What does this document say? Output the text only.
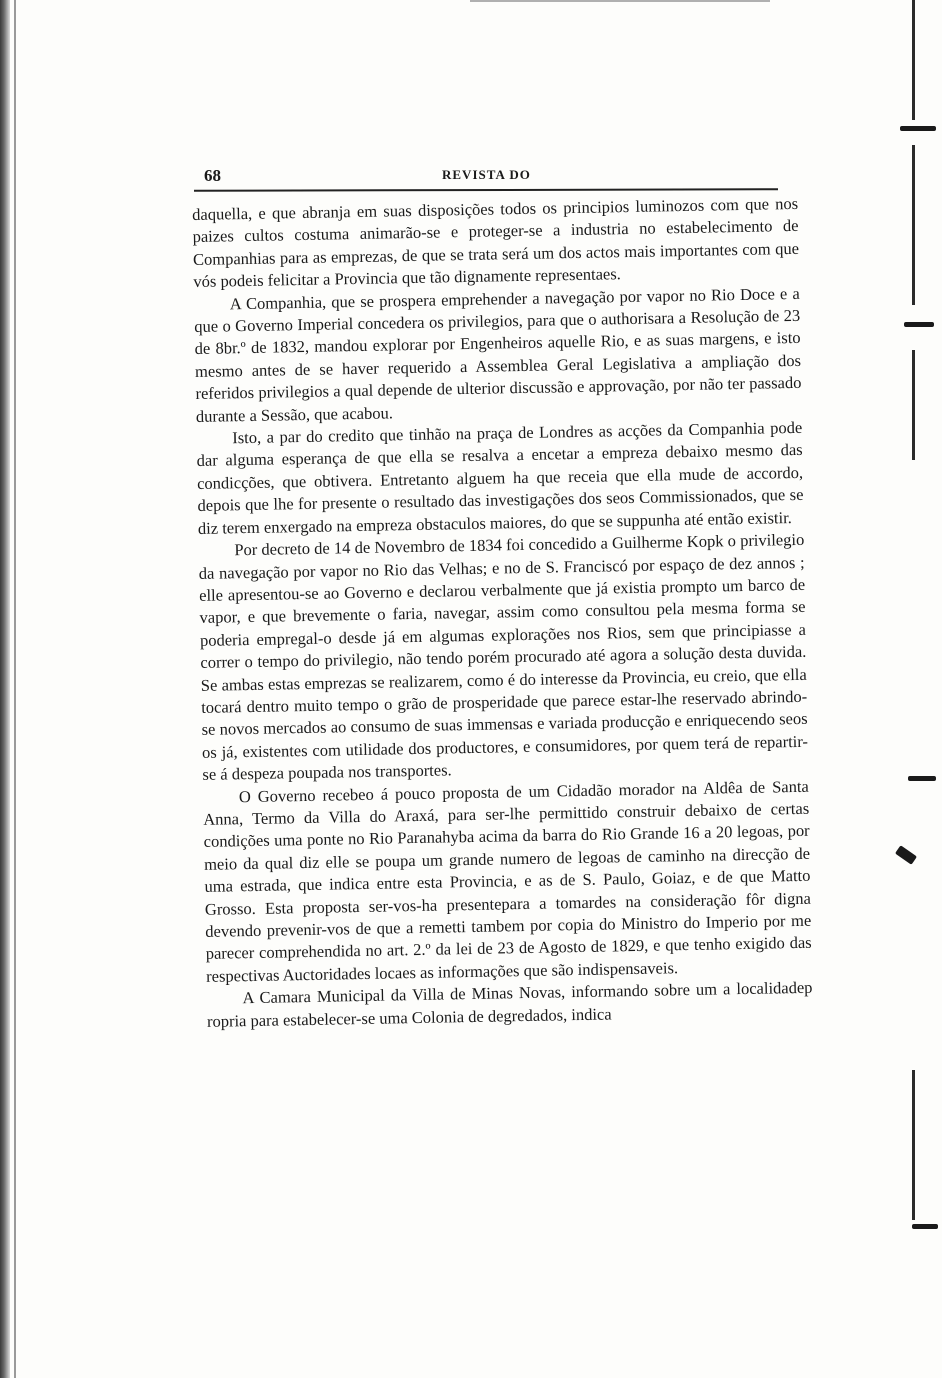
68	REVISTA DO

daquella, e que abranja em suas disposições todos os principios luminozos com que nos paizes cultos costuma animarão-se e proteger-se a industria no estabelecimento de Companhias para as emprezas, de que se trata será um dos actos mais importantes com que vós podeis felicitar a Provincia que tão dignamente representaes.

A Companhia, que se prospera emprehender a navegação por vapor no Rio Doce e a que o Governo Imperial concedera os privilegios, para que o authorisara a Resolução de 23 de 8br.º de 1832, mandou explorar por Engenheiros aquelle Rio, e as suas margens, e isto mesmo antes de se haver requerido a Assemblea Geral Legislativa a ampliação dos referidos privilegios a qual depende de ulterior discussão e approvação, por não ter passado durante a Sessão, que acabou.

Isto, a par do credito que tinhão na praça de Londres as acções da Companhia pode dar alguma esperança de que ella se resalva a encetar a empreza debaixo mesmo das condicções, que obtivera. Entretanto alguem ha que receia que ella mude de accordo, depois que lhe for presente o resultado das investigações dos seos Commissionados, que se diz terem enxergado na empreza obstaculos maiores, do que se suppunha até então existir.

Por decreto de 14 de Novembro de 1834 foi concedido a Guilherme Kopk o privilegio da navegação por vapor no Rio das Velhas; e no de S. Franciscó por espaço de dez annos ; elle apresentou-se ao Governo e declarou verbalmente que já existia prompto um barco de vapor, e que brevemente o faria, navegar, assim como consultou pela mesma forma se poderia empregal-o desde já em algumas explorações nos Rios, sem que principiasse a correr o tempo do privilegio, não tendo porém procurado até agora a solução desta duvida. Se ambas estas emprezas se realizarem, como é do interesse da Provincia, eu creio, que ella tocará dentro muito tempo o grão de prosperidade que parece estar-lhe reservado abrindo-se novos mercados ao consumo de suas immensas e variada producção e enriquecendo seos os já, existentes com utilidade dos productores, e consumidores, por quem terá de repartir-se á despeza poupada nos transportes.

O Governo recebeo á pouco proposta de um Cidadão morador na Aldêa de Santa Anna, Termo da Villa do Araxá, para ser-lhe permittido construir debaixo de certas condições uma ponte no Rio Paranahyba acima da barra do Rio Grande 16 a 20 legoas, por meio da qual diz elle se poupa um grande numero de legoas de caminho na direcção de uma estrada, que indica entre esta Provincia, e as de S. Paulo, Goiaz, e de que Matto Grosso. Esta proposta ser-vos-ha presentepara a tomardes na consideração fôr digna devendo prevenir-vos de que a remetti tambem por copia do Ministro do Imperio por me parecer comprehendida no art. 2.º da lei de 23 de Agosto de 1829, e que tenho exigido das respectivas Auctoridades locaes as informações que são indispensaveis.

A Camara Municipal da Villa de Minas Novas, informando sobre um a localidadep ropria para estabelecer-se uma Colonia de degredados, indica
